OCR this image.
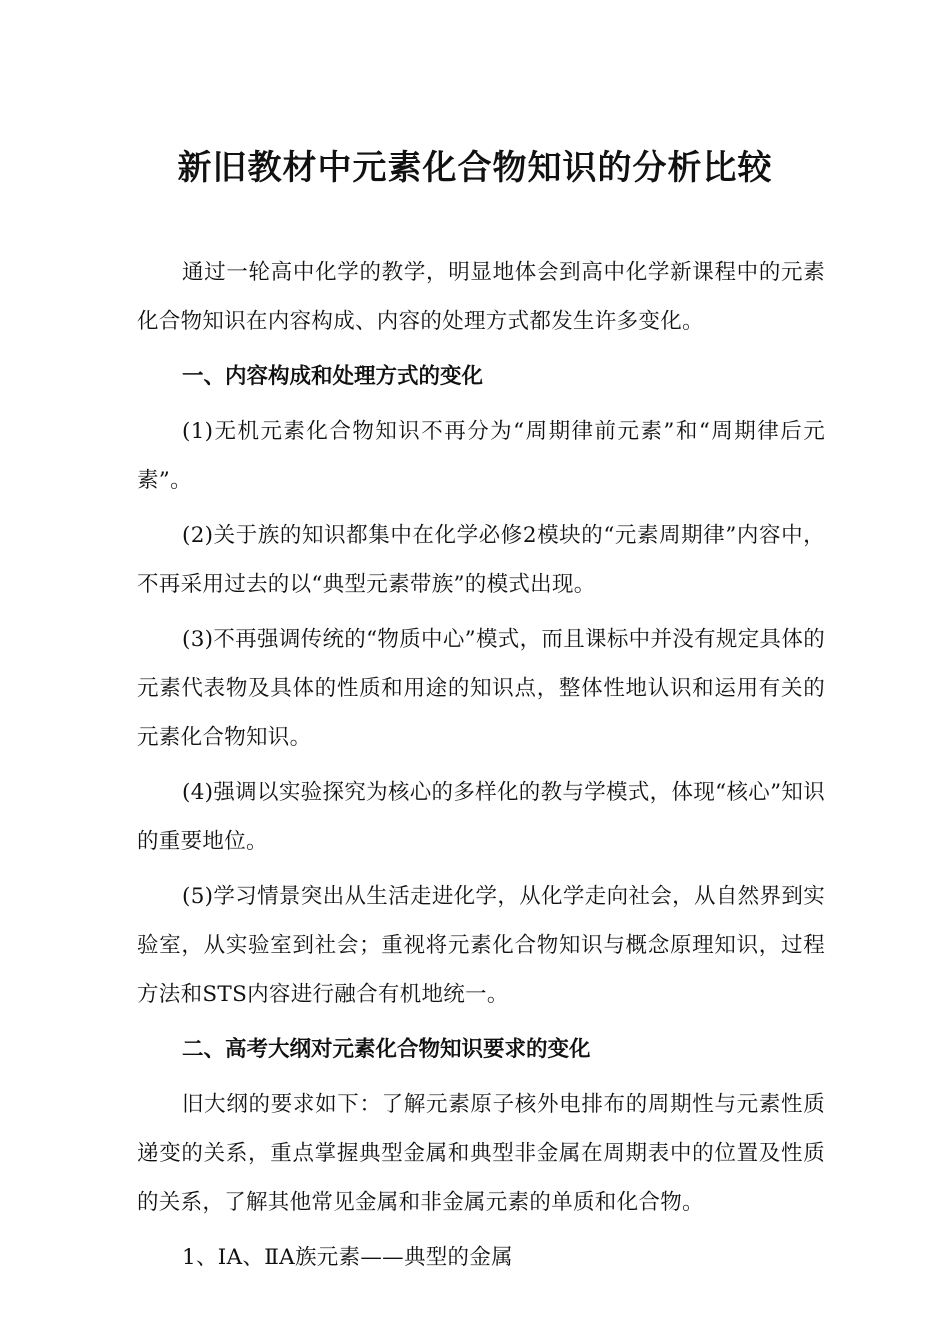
新旧教材中元素化合物知识的分析比较

通过一轮高中化学的教学，明显地体会到高中化学新课程中的元素化合物知识在内容构成、内容的处理方式都发生许多变化。

一、内容构成和处理方式的变化

(1)无机元素化合物知识不再分为“周期律前元素”和“周期律后元素”。

(2)关于族的知识都集中在化学必修2模块的“元素周期律”内容中，不再采用过去的以“典型元素带族”的模式出现。

(3)不再强调传统的“物质中心”模式，而且课标中并没有规定具体的元素代表物及具体的性质和用途的知识点，整体性地认识和运用有关的元素化合物知识。

(4)强调以实验探究为核心的多样化的教与学模式，体现“核心”知识的重要地位。

(5)学习情景突出从生活走进化学，从化学走向社会，从自然界到实验室，从实验室到社会；重视将元素化合物知识与概念原理知识，过程方法和STS内容进行融合有机地统一。

二、高考大纲对元素化合物知识要求的变化

旧大纲的要求如下：了解元素原子核外电排布的周期性与元素性质递变的关系，重点掌握典型金属和典型非金属在周期表中的位置及性质的关系，了解其他常见金属和非金属元素的单质和化合物。

1、ⅠA、ⅡA族元素——典型的金属
